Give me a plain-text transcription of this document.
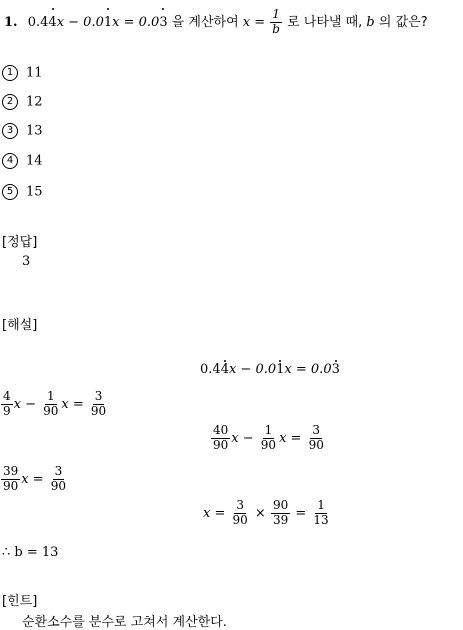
1. 0.44x − 0.01x = 0.03 을 계산하여 $x = \frac{1}{b}$ 로 나타낼 때, b 의 값은?
1 11
2 12
3 13
4 14
5 15
[정답]
3
[해설]
0.44x − 0.01x = 0.03
$\frac{4}{9}$ $x - \frac{1}{90}$ $x = \frac{3}{90}$
$\frac{40}{90}$ $x - \frac{1}{90}$ $x = \frac{3}{90}$
$\frac{39}{90}$ $x = \frac{3}{90}$
$x = \frac{3}{90} \times \frac{90}{39} = \frac{1}{13}$
∴ b = 13
[힌트]
순환소수를 분수로 고쳐서 계산한다.
